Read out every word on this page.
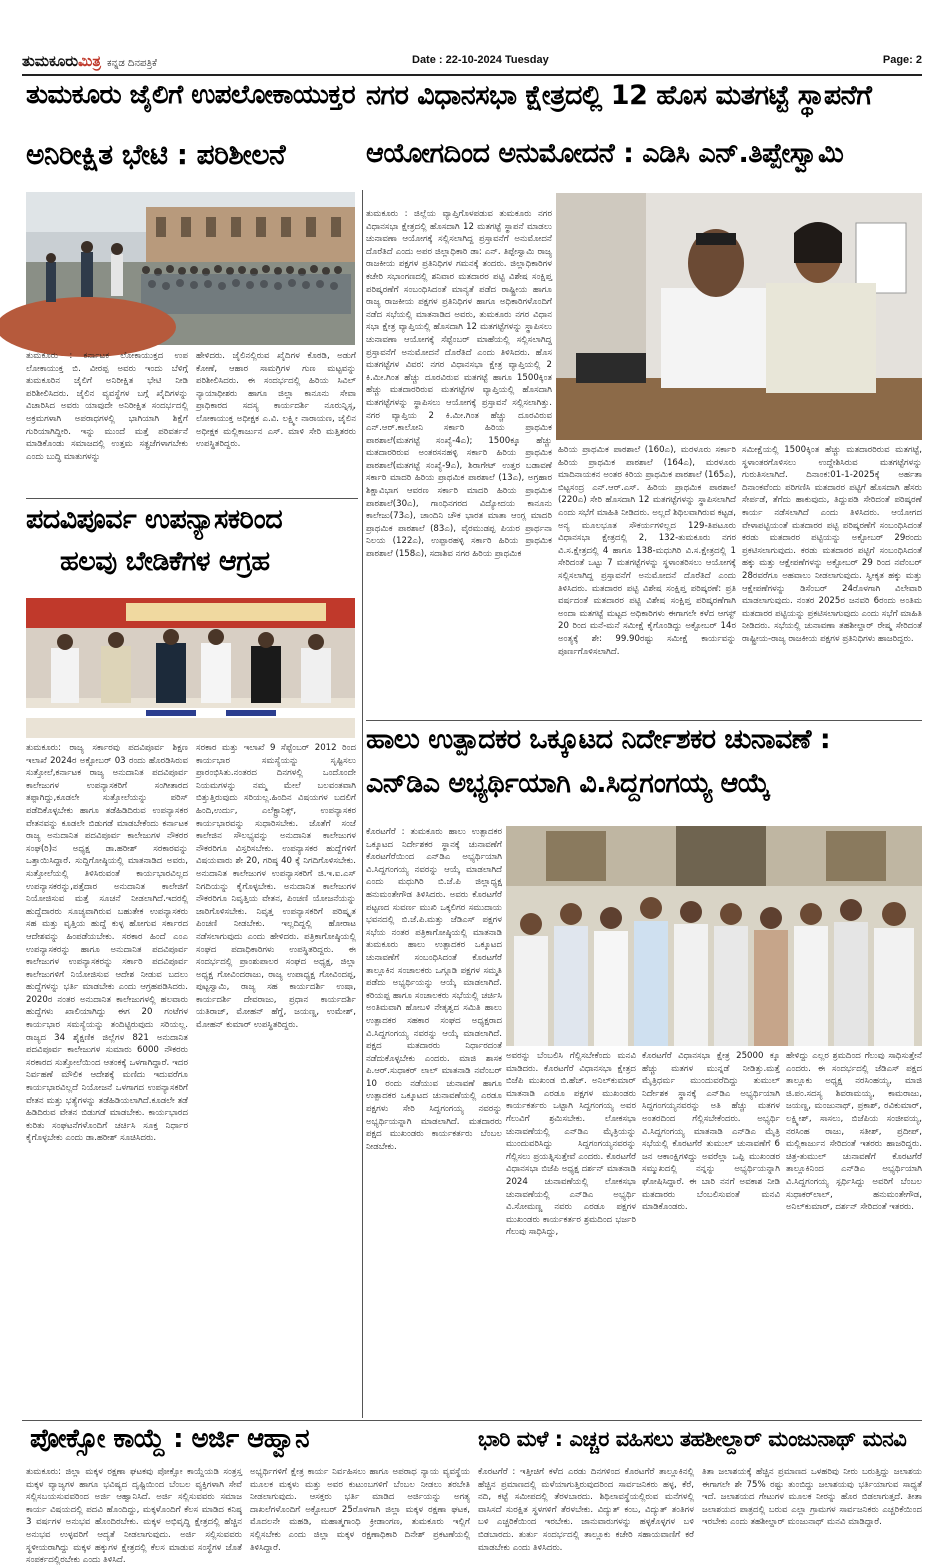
ತುಮಕೂರುಮಿತ್ರ ಕನ್ನಡ ದಿನಪತ್ರಿಕೆ	Date : 22-10-2024 Tuesday	Page: 2
ತುಮಕೂರು ಜೈಲಿಗೆ ಉಪಲೋಕಾಯುಕ್ತರ
ಅನಿರೀಕ್ಷಿತ ಭೇಟಿ : ಪರಿಶೀಲನೆ
ತುಮಕೂರು : ಕರ್ನಾಟಕ ಲೋಕಾಯುಕ್ತದ ಉಪ ಲೋಕಾಯುಕ್ತ ಬಿ. ವೀರಪ್ಪ ಅವರು ಇಂದು ಬೆಳಿಗ್ಗೆ ತುಮಕೂರಿನ ಜೈಲಿಗೆ ಅನಿರೀಕ್ಷಿತ ಭೇಟಿ ನೀಡಿ ಪರಿಶೀಲಿಸಿದರು. ಜೈಲಿನ ವ್ಯವಸ್ಥೆಗಳ ಬಗ್ಗೆ ಖೈದಿಗಳನ್ನು ವಿಚಾರಿಸಿದ ಅವರು ಯಾವುದೇ ಅನಿರೀಕ್ಷಿತ ಸಂದರ್ಭದಲ್ಲಿ ಅಕ್ರಮಗಳಾಗಿ ಅಪರಾಧಗಳಲ್ಲಿ ಭಾಗಿಯಾಗಿ ಶಿಕ್ಷೆಗೆ ಗುರಿಯಾಗಿದ್ದೀರಿ. ಇನ್ನು ಮುಂದೆ ಮತ್ತೆ ಪರಿವರ್ತನೆ ಮಾಡಿಕೊಂಡು ಸಮಾಜದಲ್ಲಿ ಉತ್ತಮ ಸತ್ಪ್ರಜೆಗಳಾಗಬೇಕು ಎಂದು ಬುದ್ಧಿ ಮಾತುಗಳನ್ನು
ಹೇಳಿದರು. ಜೈಲಿನಲ್ಲಿರುವ ಖೈದಿಗಳ ಕೊಠಡಿ, ಅಡುಗೆ ಕೋಣೆ, ಆಹಾರ ಸಾಮಗ್ರಿಗಳ ಗುಣ ಮಟ್ಟವನ್ನು ಪರಿಶೀಲಿಸಿದರು. ಈ ಸಂದರ್ಭದಲ್ಲಿ ಹಿರಿಯ ಸಿವಿಲ್ ನ್ಯಾಯಾಧೀಶರು ಹಾಗೂ ಜಿಲ್ಲಾ ಕಾನೂನು ಸೇವಾ ಪ್ರಾಧಿಕಾರದ ಸದಸ್ಯ ಕಾರ್ಯದರ್ಶಿ ನೂರುನ್ನಿಸ್ಸ, ಲೋಕಾಯುಕ್ತ ಅಧೀಕ್ಷಕ ಎ.ವಿ. ಲಕ್ಷ್ಮೀ ನಾರಾಯಣ, ಜೈಲಿನ ಅಧೀಕ್ಷಕ ಮಲ್ಲಿಕಾರ್ಜುನ ಎಸ್. ಮಾಳಿ ಸೇರಿ ಮತ್ತಿತರರು ಉಪಸ್ಥಿತರಿದ್ದರು.
ಪದವಿಪೂರ್ವ ಉಪನ್ಯಾಸಕರಿಂದ
ಹಲವು ಬೇಡಿಕೆಗಳ ಆಗ್ರಹ
ತುಮಕೂರು: ರಾಜ್ಯ ಸರ್ಕಾರವು ಪದವಿಪೂರ್ವ ಶಿಕ್ಷಣ ಇಲಾಖೆ 2024ರ ಅಕ್ಟೋಬರ್ 03 ರಂದು ಹೊರಡಿಸಿರುವ ಸುತ್ತೋಲೆ,ಕರ್ನಾಟಕ ರಾಜ್ಯ ಅನುದಾನಿತ ಪದವಿಪೂರ್ವ ಕಾಲೇಜುಗಳ ಉಪನ್ಯಾಸಕರಿಗೆ ಸಂಗೀತಾರದ ತಪ್ಪಾಗಿದ್ದು,ಕೂಡಲೇ ಸುತ್ತೋಲೆಯನ್ನು ಪರಿಸ್ ಪಡೆದಿಕೊಳ್ಳಬೇಕು ಹಾಗೂ ತಡೆಹಿಡಿದಿರುವ ಉಪನ್ಯಾಸಕರ ವೇತನವನ್ನು ಕೂಡಲೇ ಬಿಡುಗಡೆ ಮಾಡಬೇಕೆಂದು ಕರ್ನಾಟಕ ರಾಜ್ಯ ಅನುದಾನಿತ ಪದವಿಪೂರ್ವ ಕಾಲೇಜುಗಳ ನೌಕರರ ಸಂಘ(ರಿ)ನ ಅಧ್ಯಕ್ಷ ಡಾ.ಹರೀಶ್ ಸರಕಾರವನ್ನು ಒತ್ತಾಯಿಸಿದ್ದಾರೆ. ಸುದ್ದಿಗೋಷ್ಠಿಯಲ್ಲಿ ಮಾತನಾಡಿದ ಅವರು, ಸುತ್ತೋಲೆಯಲ್ಲಿ ತಿಳಿಸಿರುವಂತೆ ಕಾರ್ಯಭಾರವಿಲ್ಲದ ಉಪನ್ಯಾಸಕರನ್ನು,ಪತ್ತೆದಾರ ಅನುದಾನಿತ ಕಾಲೇಜಿಗೆ ನಿಯೋಜಿಸುವ ಮತ್ತೆ ಸೂಚನೆ ನೀಡಲಾಗಿದೆ.ಇದರಲ್ಲಿ ಹುದ್ದೆದಾರರು ಸೂಚ್ಯವಾಗಿರುವ ಬಹುತೇಕ ಉಪನ್ಯಾಸಕರು ಸಹ ಮತ್ತು ವೃತ್ತಿಯ ಹುದ್ದೆ ಕುಳ್ಳ ಹೋಗುವ ಸರ್ಕಾರದ ಆದೇಶವನ್ನು ಹಿಂಪಡೆಯಬೇಕು. ಸರಕಾರ ಹಿಂದೆ ಎಂಎ ಉಪನ್ಯಾಸಕರನ್ನು ಹಾಗೂ ಅನುದಾನಿತ ಪದವಿಪೂರ್ವ ಕಾಲೇಜುಗಳ ಉಪನ್ಯಾಸಕರನ್ನು ಸರ್ಕಾರಿ ಪದವಿಪೂರ್ವ ಕಾಲೇಜುಗಳಿಗೆ ನಿಯೋಜಿಸುವ ಆದೇಶ ನೀಡುವ ಬದಲು ಹುದ್ದೆಗಳನ್ನು ಭರ್ತಿ ಮಾಡಬೇಕು ಎಂದು ಆಗ್ರಹಪಡಿಸಿದರು. 2020ರ ನಂತರ ಅನುದಾನಿತ ಕಾಲೇಜುಗಳಲ್ಲಿ ಹಲವಾರು ಹುದ್ದೆಗಳು ಖಾಲಿಯಾಗಿದ್ದು ಈಗ 20 ಗಂಟೆಗಳ ಕಾರ್ಯಭಾರ ಸಮಸ್ಯೆಯನ್ನು ತಂದಿಟ್ಟಿರುವುದು ಸರಿಯಲ್ಲ. ರಾಜ್ಯದ 34 ಶೈಕ್ಷಣಿಕ ಜಿಲ್ಲೆಗಳ 821 ಅನುದಾನಿತ ಪದವಿಪೂರ್ವ ಕಾಲೇಜುಗಳ ಸುಮಾರು 6000 ನೌಕರರು ಸರಕಾರದ ಸುತ್ತೋಲೆಯಿಂದ ಆತಂಕಕ್ಕೆ ಒಳಗಾಗಿದ್ದಾರೆ. ಇದರ ನಿರ್ವಹಣೆ ಮೌಲಿಕ ಆದೇಶಕ್ಕೆ ಮಣಿದು ಇದುವರೆಗೂ ಕಾರ್ಯಭಾರವಿಲ್ಲದೆ ನಿಯೋಜನೆ ಒಳಗಾಗದ ಉಪನ್ಯಾಸಕರಿಗೆ ವೇತನ ಮತ್ತು ಭತ್ಯೆಗಳನ್ನು ತಡೆಹಿಡಿಯಲಾಗಿದೆ.ಕೂಡಲೇ ತಡೆ ಹಿಡಿದಿರುವ ವೇತನ ಬಿಡುಗಡೆ ಮಾಡಬೇಕು. ಕಾರ್ಯಭಾರದ ಕುರಿತು ಸಂಘಟನೆಗಳೊಂದಿಗೆ ಚರ್ಚಿಸಿ ಸೂಕ್ತ ನಿರ್ಧಾರ ಕೈಗೊಳ್ಳಬೇಕು ಎಂದು ಡಾ.ಹರೀಶ್ ಸೂಚಿಸಿದರು.
ಸರಕಾರ ಮತ್ತು ಇಲಾಖೆ 9 ಸೆಪ್ಟೆಂಬರ್ 2012 ರಿಂದ ಕಾರ್ಯಭಾರ ಸಮಸ್ಯೆಯನ್ನು ಸೃಷ್ಟಿಸಲು ಪ್ರಾರಂಭಿಸಿತು.ನಂತರದ ದಿನಗಳಲ್ಲಿ ಒಂದೊಂದೇ ನಿಯಮಗಳನ್ನು ನಮ್ಮ ಮೇಲೆ ಬಲವಂತವಾಗಿ ಬಿತ್ತುತ್ತಿರುವುದು ಸರಿಯಲ್ಲ.ಹಿಂದಿನ ವಿಷಯಗಳ ಬದಲಿಗೆ ಹಿಂದಿ,ಉರ್ದು, ಎಲೆಕ್ಟ್ರಾನಿಕ್ಸ್, ಉಪನ್ಯಾಸಕರ ಕಾರ್ಯಭಾರವನ್ನು ಸುಧಾರಿಸಬೇಕು. ಜೊತೆಗೆ ಸಂಜೆ ಕಾಲೇಜಿನ ಸೌಲಭ್ಯವನ್ನು ಅನುದಾನಿತ ಕಾಲೇಜುಗಳ ನೌಕರರಿಗೂ ವಿಸ್ತರಿಸಬೇಕು. ಉಪನ್ಯಾಸಕರ ಹುದ್ದೆಗಳಿಗೆ ವಿಷಯವಾರು ಶೇ 20, ಗರಿಷ್ಠ 40 ಕ್ಕೆ ನಿಗದಿಗೊಳಿಸಬೇಕು. ಅನುದಾನಿತ ಕಾಲೇಜುಗಳ ಉಪನ್ಯಾಸಕರಿಗೆ ಜಿ.ಇ.ಐ.ಎಸ್ ನಿಗದಿಯನ್ನು ಕೈಗೊಳ್ಳಬೇಕು. ಅನುದಾನಿತ ಕಾಲೇಜುಗಳ ನೌಕರರಿಗೂ ನಿವೃತ್ತಿಯ ವೇತನ, ಪಿಂಚಣಿ ಯೋಜನೆಯನ್ನು ಜಾರಿಗೊಳಿಸಬೇಕು. ನಿವೃತ್ತ ಉಪನ್ಯಾಸಕರಿಗೆ ಪರಿಷ್ಕೃತ ಪಿಂಚಣಿ ನೀಡಬೇಕು. ಇಲ್ಲದಿದ್ದಲ್ಲಿ ಹೋರಾಟ ನಡೆಸಲಾಗುವುದು ಎಂದು ಹೇಳಿದರು. ಪತ್ರಿಕಾಗೋಷ್ಠಿಯಲ್ಲಿ ಸಂಘದ ಪದಾಧಿಕಾರಿಗಳು ಉಪಸ್ಥಿತರಿದ್ದರು. ಈ ಸಂದರ್ಭದಲ್ಲಿ ಪ್ರಾಂಶುಪಾಲರ ಸಂಘದ ಅಧ್ಯಕ್ಷ, ಜಿಲ್ಲಾ ಅಧ್ಯಕ್ಷ ಗೋವಿಂದರಾಜು, ರಾಜ್ಯ ಉಪಾಧ್ಯಕ್ಷ ಗೋವಿಂದಪ್ಪ, ಪುಟ್ಟಸ್ವಾಮಿ, ರಾಜ್ಯ ಸಹ ಕಾರ್ಯದರ್ಶಿ ಉಷಾ, ಕಾರ್ಯದರ್ಶಿ ದೇವರಾಜು, ಪ್ರಧಾನ ಕಾರ್ಯದರ್ಶಿ ಯತಿರಾಜ್, ಮೋಹನ್ ಹೆಗ್ಡೆ, ಜಯಣ್ಣ, ಉಮೇಶ್, ಮೋಹನ್ ಕುಮಾರ್ ಉಪಸ್ಥಿತರಿದ್ದರು.
ನಗರ ವಿಧಾನಸಭಾ ಕ್ಷೇತ್ರದಲ್ಲಿ 12 ಹೊಸ ಮತಗಟ್ಟೆ ಸ್ಥಾಪನೆಗೆ
ಆಯೋಗದಿಂದ ಅನುಮೋದನೆ : ಎಡಿಸಿ ಎನ್.ತಿಪ್ಪೇಸ್ವಾಮಿ
ತುಮಕೂರು : ಜಿಲ್ಲೆಯ ವ್ಯಾಪ್ತಿಗೊಳಪಡುವ ತುಮಕೂರು ನಗರ ವಿಧಾನಸಭಾ ಕ್ಷೇತ್ರದಲ್ಲಿ ಹೊಸದಾಗಿ 12 ಮತಗಟ್ಟೆ ಸ್ಥಾಪನೆ ಮಾಡಲು ಚುನಾವಣಾ ಆಯೋಗಕ್ಕೆ ಸಲ್ಲಿಸಲಾಗಿದ್ದ ಪ್ರಸ್ತಾವನೆಗೆ ಅನುಮೋದನೆ ದೊರೆತಿದೆ ಎಂದು ಅಪರ ಜಿಲ್ಲಾಧಿಕಾರಿ ಡಾ: ಎನ್. ತಿಪ್ಪೇಸ್ವಾಮಿ ರಾಜ್ಯ ರಾಜಕೀಯ ಪಕ್ಷಗಳ ಪ್ರತಿನಿಧಿಗಳ ಗಮನಕ್ಕೆ ತಂದರು. ಜಿಲ್ಲಾಧಿಕಾರಿಗಳ ಕಚೇರಿ ಸಭಾಂಗಣದಲ್ಲಿ ಶನಿವಾರ ಮತದಾರರ ಪಟ್ಟಿ ವಿಶೇಷ ಸಂಕ್ಷಿಪ್ತ ಪರಿಷ್ಕರಣೆಗೆ ಸಂಬಂಧಿಸಿದಂತೆ ಮಾನ್ಯತೆ ಪಡೆದ ರಾಷ್ಟ್ರೀಯ ಹಾಗೂ ರಾಜ್ಯ ರಾಜಕೀಯ ಪಕ್ಷಗಳ ಪ್ರತಿನಿಧಿಗಳ ಹಾಗೂ ಅಧಿಕಾರಿಗಳೊಂದಿಗೆ ನಡೆದ ಸಭೆಯಲ್ಲಿ ಮಾತನಾಡಿದ ಅವರು, ತುಮಕೂರು ನಗರ ವಿಧಾನ ಸಭಾ ಕ್ಷೇತ್ರ ವ್ಯಾಪ್ತಿಯಲ್ಲಿ ಹೊಸದಾಗಿ 12 ಮತಗಟ್ಟೆಗಳನ್ನು ಸ್ಥಾಪಿಸಲು ಚುನಾವಣಾ ಆಯೋಗಕ್ಕೆ ಸೆಪ್ಟೆಂಬರ್ ಮಾಹೆಯಲ್ಲಿ ಸಲ್ಲಿಸಲಾಗಿದ್ದ ಪ್ರಸ್ತಾವನೆಗೆ ಅನುಮೋದನೆ ದೊರೆತಿದೆ ಎಂದು ತಿಳಿಸಿದರು. ಹೊಸ ಮತಗಟ್ಟೆಗಳ ವಿವರ: ನಗರ ವಿಧಾನಸಭಾ ಕ್ಷೇತ್ರ ವ್ಯಾಪ್ತಿಯಲ್ಲಿ 2 ಕಿ.ಮೀ.ಗಿಂತ ಹೆಚ್ಚು ದೂರವಿರುವ ಮತಗಟ್ಟೆ ಹಾಗೂ 1500ಕ್ಕಿಂತ ಹೆಚ್ಚು ಮತದಾರರಿರುವ ಮತಗಟ್ಟೆಗಳ ವ್ಯಾಪ್ತಿಯಲ್ಲಿ ಹೊಸದಾಗಿ ಮತಗಟ್ಟೆಗಳನ್ನು ಸ್ಥಾಪಿಸಲು ಆಯೋಗಕ್ಕೆ ಪ್ರಸ್ತಾವನೆ ಸಲ್ಲಿಸಲಾಗಿತ್ತು. ನಗರ ವ್ಯಾಪ್ತಿಯ 2 ಕಿ.ಮೀ.ಗಿಂತ ಹೆಚ್ಚು ದೂರವಿರುವ ಎನ್.ಆರ್.ಕಾಲೋನಿ ಸರ್ಕಾರಿ ಹಿರಿಯ ಪ್ರಾಥಮಿಕ ಪಾಠಶಾಲೆ(ಮತಗಟ್ಟೆ ಸಂಖ್ಯೆ-4ಎ); 1500ಕ್ಕೂ ಹೆಚ್ಚು ಮತದಾರರಿರುವ ಅಂತರಸನಹಳ್ಳಿ ಸರ್ಕಾರಿ ಹಿರಿಯ ಪ್ರಾಥಮಿಕ ಪಾಠಶಾಲೆ(ಮತಗಟ್ಟೆ ಸಂಖ್ಯೆ-9ಎ), ಶಿರಾಗೇಟ್ ಉತ್ತರ ಬಡಾವಣೆ ಸರ್ಕಾರಿ ಮಾದರಿ ಹಿರಿಯ ಪ್ರಾಥಮಿಕ ಪಾಠಶಾಲೆ (13ಎ), ಅಗ್ರಹಾರ ಶಿಕ್ಷಾವಿಭಾಗ ಆವರಣ ಸರ್ಕಾರಿ ಮಾದರಿ ಹಿರಿಯ ಪ್ರಾಥಮಿಕ ಪಾಠಶಾಲೆ(30ಎ), ಗಾಂಧಿನಗರದ ವಿದ್ಯೋದಯ ಕಾನೂನು ಕಾಲೇಜು(73ಎ), ಚಾಂದಿನಿ ಚೌಕ ಭಾರತ ಮಾತಾ ಆಂಗ್ಲ ಮಾದರಿ ಪ್ರಾಥಮಿಕ ಪಾಠಶಾಲೆ (83ಎ), ವೈರಮುಡಪ್ಪ ಪಿಯರ ಪ್ರಾರ್ಥನಾ ನಿಲಯ (122ಎ), ಉಪ್ಪಾರಹಳ್ಳಿ ಸರ್ಕಾರಿ ಹಿರಿಯ ಪ್ರಾಥಮಿಕ ಪಾಠಶಾಲೆ (158ಎ), ಸದಾಶಿವ ನಗರ ಹಿರಿಯ ಪ್ರಾಥಮಿಕ
ಹಿರಿಯ ಪ್ರಾಥಮಿಕ ಪಾಠಶಾಲೆ (160ಎ), ಮರಳೂರು ಸರ್ಕಾರಿ ಹಿರಿಯ ಪ್ರಾಥಮಿಕ ಪಾಠಶಾಲೆ (164ಎ), ಮರಳೂರು ಮಾದಿನಾಯಕನ ಅಂತರ ಕಿರಿಯ ಪ್ರಾಥಮಿಕ ಪಾಠಶಾಲೆ (165ಎ), ಬಿಟ್ಟಸಂದ್ರ ಎನ್.ಆರ್.ಎಸ್. ಹಿರಿಯ ಪ್ರಾಥಮಿಕ ಪಾಠಶಾಲೆ (220ಎ) ಸೇರಿ ಹೊಸದಾಗಿ 12 ಮತಗಟ್ಟೆಗಳನ್ನು ಸ್ಥಾಪಿಸಲಾಗಿದೆ ಎಂದು ಸಭೆಗೆ ಮಾಹಿತಿ ನೀಡಿದರು. ಅಲ್ಲದೆ ಶಿಥಿಲವಾಗಿರುವ ಕಟ್ಟಡ, ಅನ್ಯ ಮೂಲಭೂತ ಸೌಕರ್ಯಗಳಿಲ್ಲದ 129-ತಿಪಟೂರು ವಿಧಾನಸಭಾ ಕ್ಷೇತ್ರದಲ್ಲಿ 2, 132-ತುಮಕೂರು ನಗರ ವಿ.ಸ.ಕ್ಷೇತ್ರದಲ್ಲಿ 4 ಹಾಗೂ 138-ಮಧುಗಿರಿ ವಿ.ಸ.ಕ್ಷೇತ್ರದಲ್ಲಿ 1 ಸೇರಿದಂತೆ ಒಟ್ಟು 7 ಮತಗಟ್ಟೆಗಳನ್ನು ಸ್ಥಳಾಂತರಿಸಲು ಆಯೋಗಕ್ಕೆ ಸಲ್ಲಿಸಲಾಗಿದ್ದ ಪ್ರಸ್ತಾವನೆಗೆ ಅನುಮೋದನೆ ದೊರೆತಿದೆ ಎಂದು ತಿಳಿಸಿದರು. ಮತದಾರರ ಪಟ್ಟಿ ವಿಶೇಷ ಸಂಕ್ಷಿಪ್ತ ಪರಿಷ್ಕರಣೆ: ಪ್ರತಿ ವರ್ಷದಂತೆ ಮತದಾರರ ಪಟ್ಟಿ ವಿಶೇಷ ಸಂಕ್ಷಿಪ್ತ ಪರಿಷ್ಕರಣೆಗಾಗಿ ಅಂದಾ ಮತಗಟ್ಟೆ ಮಟ್ಟದ ಅಧಿಕಾರಿಗಳು ಈಗಾಗಲೇ ಕಳೆದ ಆಗಸ್ಟ್ 20 ರಿಂದ ಮನೆ-ಮನೆ ಸಮೀಕ್ಷೆ ಕೈಗೊಂಡಿದ್ದು ಅಕ್ಟೋಬರ್ 14ರ ಅಂತ್ಯಕ್ಕೆ ಶೇ: 99.90ರಷ್ಟು ಸಮೀಕ್ಷೆ ಕಾರ್ಯವನ್ನು ಪೂರ್ಣಗೊಳಿಸಲಾಗಿದೆ.
ಸಮೀಕ್ಷೆಯಲ್ಲಿ 1500ಕ್ಕಿಂತ ಹೆಚ್ಚು ಮತದಾರರಿರುವ ಮತಗಟ್ಟೆ, ಸ್ಥಳಾಂತರಗೊಳಿಸಲು ಉದ್ದೇಶಿಸಿರುವ ಮತಗಟ್ಟೆಗಳನ್ನು ಗುರುತಿಸಲಾಗಿದೆ. ದಿನಾಂಕ:01-1-2025ಕ್ಕೆ ಅರ್ಹತಾ ದಿನಾಂಕವೆಂದು ಪರಿಗಣಿಸಿ ಮತದಾರರ ಪಟ್ಟಿಗೆ ಹೊಸದಾಗಿ ಹೆಸರು ಸೇರ್ಪಡೆ, ತೆಗೆದು ಹಾಕುವುದು, ತಿದ್ದುಪಡಿ ಸೇರಿದಂತೆ ಪರಿಷ್ಕರಣೆ ಕಾರ್ಯ ನಡೆಸಲಾಗಿದೆ ಎಂದು ತಿಳಿಸಿದರು. ಆಯೋಗದ ವೇಳಾಪಟ್ಟಿಯಂತೆ ಮತದಾರರ ಪಟ್ಟಿ ಪರಿಷ್ಕರಣೆಗೆ ಸಂಬಂಧಿಸಿದಂತೆ ಕರಡು ಮತದಾರರ ಪಟ್ಟಿಯನ್ನು ಅಕ್ಟೋಬರ್ 29ರಂದು ಪ್ರಕಟಿಸಲಾಗುವುದು. ಕರಡು ಮತದಾರರ ಪಟ್ಟಿಗೆ ಸಂಬಂಧಿಸಿದಂತೆ ಹಕ್ಕು ಮತ್ತು ಆಕ್ಷೇಪಣೆಗಳನ್ನು ಅಕ್ಟೋಬರ್ 29 ರಿಂದ ನವೆಂಬರ್ 28ರವರೆಗೂ ಅಹವಾಲು ನೀಡಲಾಗುವುದು. ಸ್ವೀಕೃತ ಹಕ್ಕು ಮತ್ತು ಆಕ್ಷೇಪಣೆಗಳನ್ನು ಡಿಸೆಂಬರ್ 24ರೊಳಗಾಗಿ ವಿಲೇವಾರಿ ಮಾಡಲಾಗುವುದು. ನಂತರ 2025ರ ಜನವರಿ 6ರಂದು ಅಂತಿಮ ಮತದಾರರ ಪಟ್ಟಿಯನ್ನು ಪ್ರಕಟಿಸಲಾಗುವುದು ಎಂದು ಸಭೆಗೆ ಮಾಹಿತಿ ನೀಡಿದರು. ಸಭೆಯಲ್ಲಿ ಚುನಾವಣಾ ತಹಶೀಲ್ದಾರ್ ರೇಷ್ಮ ಸೇರಿದಂತೆ ರಾಷ್ಟ್ರೀಯ-ರಾಜ್ಯ ರಾಜಕೀಯ ಪಕ್ಷಗಳ ಪ್ರತಿನಿಧಿಗಳು ಹಾಜರಿದ್ದರು.
ಹಾಲು ಉತ್ಪಾದಕರ ಒಕ್ಕೂಟದ ನಿರ್ದೇಶಕರ ಚುನಾವಣೆ :
ಎನ್‌ಡಿಎ ಅಭ್ಯರ್ಥಿಯಾಗಿ ವಿ.ಸಿದ್ದಗಂಗಯ್ಯ ಆಯ್ಕೆ
ಕೊರಟಗೆರೆ : ತುಮಕೂರು ಹಾಲು ಉತ್ಪಾದಕರ ಒಕ್ಕೂಟದ ನಿರ್ದೇಶಕರ ಸ್ಥಾನಕ್ಕೆ ಚುನಾವಣೆಗೆ ಕೊರಟಗೆರೆಯಿಂದ ಎನ್‌ಡಿಎ ಅಭ್ಯರ್ಥಿಯಾಗಿ ವಿ.ಸಿದ್ದಗಂಗಯ್ಯ ನವರನ್ನು ಆಯ್ಕೆ ಮಾಡಲಾಗಿದೆ ಎಂದು ಮಧುಗಿರಿ ಬಿ.ಜೆ.ಪಿ ಜಿಲ್ಲಾಧ್ಯಕ್ಷ ಹನುಮಂತೇಗೌಡ ತಿಳಿಸಿದರು. ಅವರು ಕೊರಟಗೆರೆ ಪಟ್ಟಣದ ಸುವರ್ಣ ಮುಖಿ ಒಕ್ಕಲಿಗರ ಸಮುದಾಯ ಭವನದಲ್ಲಿ ಬಿ.ಜೆ.ಪಿ.ಮತ್ತು ಜೆಡಿಎಸ್ ಪಕ್ಷಗಳ ಸಭೆಯ ನಂತರ ಪತ್ರಿಕಾಗೋಷ್ಠಿಯಲ್ಲಿ ಮಾತನಾಡಿ ತುಮಕೂರು ಹಾಲು ಉತ್ಪಾದಕರ ಒಕ್ಕೂಟದ ಚುನಾವಣೆಗೆ ಸಂಬಂಧಿಸಿದಂತೆ ಕೊರಟಗೆರೆ ತಾಲ್ಲೂಕಿನ ಸಂಚಾಲಕರು ಒಗ್ಗೂಡಿ ಪಕ್ಷಗಳ ಸಮ್ಮತಿ ಪಡೆದು ಅಭ್ಯರ್ಥಿಯನ್ನು ಆಯ್ಕೆ ಮಾಡಲಾಗಿದೆ. ಕರಿಯಪ್ಪ ಹಾಗೂ ಸಂಚಾಲಕರು ಸಭೆಯಲ್ಲಿ ಚರ್ಚಿಸಿ ಅಂತಿಮವಾಗಿ ಹೋಬಳಿ ನೇತೃತ್ವದ ಸಮಿತಿ ಹಾಲು ಉತ್ಪಾದಕರ ಸಹಕಾರ ಸಂಘದ ಅಧ್ಯಕ್ಷರಾದ ವಿ.ಸಿದ್ದಗಂಗಯ್ಯ ನವರನ್ನು ಆಯ್ಕೆ ಮಾಡಲಾಗಿದೆ. ಪಕ್ಷದ ಮತದಾರರು ನಿರ್ಧಾರದಂತೆ ನಡೆದುಕೊಳ್ಳಬೇಕು ಎಂದರು. ಮಾಜಿ ಶಾಸಕ ಪಿ.ಆರ್.ಸುಧಾಕರ್ ಲಾಲ್ ಮಾತನಾಡಿ ನವೆಂಬರ್ 10 ರಂದು ನಡೆಯುವ ಚುನಾವಣೆ ಹಾಗೂ ಉತ್ಪಾದಕರ ಒಕ್ಕೂಟದ ಚುನಾವಣೆಯಲ್ಲಿ ಎರಡೂ ಪಕ್ಷಗಳು ಸೇರಿ ಸಿದ್ದಗಂಗಯ್ಯ ನವರನ್ನು ಅಭ್ಯರ್ಥಿಯನ್ನಾಗಿ ಮಾಡಲಾಗಿದೆ. ಮತದಾರರು ಪಕ್ಷದ ಮುಖಂಡರು ಕಾರ್ಯಕರ್ತರು ಬೆಂಬಲ ನೀಡಬೇಕು.
ಅವರನ್ನು ಬೆಂಬಲಿಸಿ ಗೆಲ್ಲಿಸಬೇಕೆಂದು ಮನವಿ ಮಾಡಿದರು. ಕೊರಟಗೆರೆ ವಿಧಾನಸಭಾ ಕ್ಷೇತ್ರದ ಬಿಜೆಪಿ ಮುಖಂಡ ಬಿ.ಹೆಚ್. ಅನಿಲ್‌ಕುಮಾರ್ ಮಾತನಾಡಿ ಎರಡೂ ಪಕ್ಷಗಳ ಮುಖಂಡರು ಕಾರ್ಯಕರ್ತರು ಒಟ್ಟಾಗಿ ಸಿದ್ದಗಂಗಯ್ಯ ಅವರ ಗೆಲುವಿಗೆ ಶ್ರಮಿಸಬೇಕು. ಲೋಕಸಭಾ ಚುನಾವಣೆಯಲ್ಲಿ ಎನ್‌ಡಿಎ ಮೈತ್ರಿಯನ್ನು ಮುಂದುವರಿಸಿದ್ದು ಸಿದ್ದಗಂಗಯ್ಯನವರನ್ನು ಗೆಲ್ಲಿಸಲು ಪ್ರಯತ್ನಿಸುತ್ತೇವೆ ಎಂದರು. ಕೊರಟಗೆರೆ ವಿಧಾನಸಭಾ ಬಿಜೆಪಿ ಅಧ್ಯಕ್ಷ ದರ್ಶನ್ ಮಾತನಾಡಿ 2024 ಚುನಾವಣೆಯಲ್ಲಿ ಲೋಕಸಭಾ ಚುನಾವಣೆಯಲ್ಲಿ ಎನ್‌ಡಿಎ ಅಭ್ಯರ್ಥಿ ವಿ.ಸೋಮಣ್ಣ ನವರು ಎರಡೂ ಪಕ್ಷಗಳ ಮುಖಂಡರು ಕಾರ್ಯಕರ್ತರ ಶ್ರಮದಿಂದ ಭರ್ಜರಿ ಗೆಲುವು ಸಾಧಿಸಿದ್ದು,
ಕೊರಟಗೆರೆ ವಿಧಾನಸಭಾ ಕ್ಷೇತ್ರ 25000 ಕ್ಕೂ ಹೆಚ್ಚು ಮತಗಳ ಮುನ್ನಡೆ ನೀಡಿತ್ತು.ಮತ್ತೆ ಮೈತ್ರಿಧರ್ಮ ಮುಂದುವರೆದಿದ್ದು ತುಮುಲ್ ನಿರ್ದೇಶಕ ಸ್ಥಾನಕ್ಕೆ ಎನ್‌ಡಿಎ ಅಭ್ಯರ್ಥಿಯಾಗಿ ಸಿದ್ದಗಂಗಯ್ಯನವರನ್ನು ಅತಿ ಹೆಚ್ಚು ಮತಗಳ ಅಂತರದಿಂದ ಗೆಲ್ಲಿಸಬೇಕೆಂದರು. ಅಭ್ಯರ್ಥಿ ವಿ.ಸಿದ್ದಗಂಗಯ್ಯ ಮಾತನಾಡಿ ಎನ್‌ಡಿಎ ಮೈತ್ರಿ ಸಭೆಯಲ್ಲಿ ಕೊರಟಗೆರೆ ತುಮುಲ್ ಚುನಾವಣೆಗೆ 6 ಜನ ಆಕಾಂಕ್ಷಿಗಳಿದ್ದು ಅವರೆಲ್ಲಾ ಒಪ್ಪಿ ಮುಖಂಡರ ಸಮ್ಮುಖದಲ್ಲಿ ನನ್ನನ್ನು ಅಭ್ಯರ್ಥಿಯನ್ನಾಗಿ ಘೋಷಿಸಿದ್ದಾರೆ. ಈ ಬಾರಿ ನನಗೆ ಅವಕಾಶ ನೀಡಿ ಮತದಾರರು ಬೆಂಬಲಿಸುವಂತೆ ಮನವಿ ಮಾಡಿಕೊಂಡರು.
ಹೇಳಿದ್ದು ಎಲ್ಲರ ಶ್ರಮದಿಂದ ಗೆಲುವು ಸಾಧಿಸುತ್ತೇನೆ ಎಂದರು. ಈ ಸಂದರ್ಭದಲ್ಲಿ ಜೆಡಿಎಸ್ ಪಕ್ಷದ ತಾಲ್ಲೂಕು ಅಧ್ಯಕ್ಷ ನರಸಿಂಹಯ್ಯ, ಮಾಜಿ ಜಿ.ಪಂ.ಸದಸ್ಯ ಶಿವರಾಮಯ್ಯ, ಕಾಮರಾಜು, ಜಯಣ್ಣ, ಮಂಜುನಾಥ್, ಪ್ರಕಾಶ್, ರವಿಕುಮಾರ್, ಲಕ್ಷ್ಮೀಶ್, ಸಾಸಲು, ಬಿಜೆಪಿಯ ಸಂಜೀವಯ್ಯ, ನರಸಿಂಹ ರಾಜು, ಸತೀಶ್, ಪ್ರದೀಪ್, ಮಲ್ಲಿಕಾರ್ಜುನ ಸೇರಿದಂತೆ ಇತರರು ಹಾಜರಿದ್ದರು. ಚಿತ್ರ-ತುಮುಲ್ ಚುನಾವಣೆಗೆ ಕೊರಟಗೆರೆ ತಾಲ್ಲೂಕಿನಿಂದ ಎನ್‌ಡಿಎ ಅಭ್ಯರ್ಥಿಯಾಗಿ ವಿ.ಸಿದ್ದಗಂಗಯ್ಯ ಸ್ಪರ್ಧಿಸಿದ್ದು ಅವರಿಗೆ ಬೆಂಬಲ ಸುಧಾಕರ್‌ಲಾಲ್, ಹನುಮಂತೇಗೌಡ, ಅನಿಲ್‌ಕುಮಾರ್, ದರ್ಶನ್ ಸೇರಿದಂತೆ ಇತರರು.
ಪೋಕ್ಸೋ ಕಾಯ್ದೆ : ಅರ್ಜಿ ಆಹ್ವಾನ
ತುಮಕೂರು: ಜಿಲ್ಲಾ ಮಕ್ಕಳ ರಕ್ಷಣಾ ಘಟಕವು ಪೋಕ್ಸೋ ಕಾಯ್ದೆಯಡಿ ಸಂತ್ರಸ್ತ ಮಕ್ಕಳ ವ್ಯಾಜ್ಯಗಳ ಹಾಗೂ ಭವಿಷ್ಯದ ದೃಷ್ಟಿಯಿಂದ ಬೆಂಬಲ ವ್ಯಕ್ತಿಗಳಾಗಿ ಸೇವೆ ಸಲ್ಲಿಸಬಯಸುವವರಿಂದ ಅರ್ಜಿ ಆಹ್ವಾನಿಸಿದೆ. ಅರ್ಜಿ ಸಲ್ಲಿಸುವವರು ಸಮಾಜ ಕಾರ್ಯ ವಿಷಯದಲ್ಲಿ ಪದವಿ ಹೊಂದಿದ್ದು, ಮಕ್ಕಳೊಂದಿಗೆ ಕೆಲಸ ಮಾಡಿದ ಕನಿಷ್ಠ 3 ವರ್ಷಗಳ ಅನುಭವ ಹೊಂದಿರಬೇಕು. ಮಕ್ಕಳ ಅಭಿವೃದ್ಧಿ ಕ್ಷೇತ್ರದಲ್ಲಿ ಹೆಚ್ಚಿನ ಅನುಭವ ಉಳ್ಳವರಿಗೆ ಆದ್ಯತೆ ನೀಡಲಾಗುವುದು. ಅರ್ಜಿ ಸಲ್ಲಿಸುವವರು ಸ್ಥಳೀಯರಾಗಿದ್ದು ಮಕ್ಕಳ ಹಕ್ಕುಗಳ ಕ್ಷೇತ್ರದಲ್ಲಿ ಕೆಲಸ ಮಾಡುವ ಸಂಸ್ಥೆಗಳ ಜೊತೆ ಸಂಪರ್ಕದಲ್ಲಿರಬೇಕು ಎಂದು ತಿಳಿಸಿದೆ.
ಅಭ್ಯರ್ಥಿಗಳಿಗೆ ಕ್ಷೇತ್ರ ಕಾರ್ಯ ನಿರ್ವಹಿಸಲು ಹಾಗೂ ಅಪರಾಧ ನ್ಯಾಯ ವ್ಯವಸ್ಥೆಯ ಮೂಲಕ ಮಕ್ಕಳು ಮತ್ತು ಅವರ ಕುಟುಂಬಗಳಿಗೆ ಬೆಂಬಲ ನೀಡಲು ತರಬೇತಿ ನೀಡಲಾಗುವುದು. ಆಸಕ್ತರು ಭರ್ತಿ ಮಾಡಿದ ಅರ್ಜಿಯನ್ನು ಅಗತ್ಯ ದಾಖಲೆಗಳೊಂದಿಗೆ ಅಕ್ಟೋಬರ್ 25ರೊಳಗಾಗಿ ಜಿಲ್ಲಾ ಮಕ್ಕಳ ರಕ್ಷಣಾ ಘಟಕ, ಮೊದಲನೇ ಮಹಡಿ, ಮಹಾತ್ಮಗಾಂಧಿ ಕ್ರೀಡಾಂಗಣ, ತುಮಕೂರು ಇಲ್ಲಿಗೆ ಸಲ್ಲಿಸಬೇಕು ಎಂದು ಜಿಲ್ಲಾ ಮಕ್ಕಳ ರಕ್ಷಣಾಧಿಕಾರಿ ದಿನೇಶ್ ಪ್ರಕಟಣೆಯಲ್ಲಿ ತಿಳಿಸಿದ್ದಾರೆ.
ಭಾರಿ ಮಳೆ : ಎಚ್ಚರ ವಹಿಸಲು ತಹಶೀಲ್ದಾರ್ ಮಂಜುನಾಥ್ ಮನವಿ
ಕೊರಟಗೆರೆ : ಇತ್ತೀಚಿಗೆ ಕಳೆದ ಎರಡು ದಿನಗಳಿಂದ ಕೊರಟಗೆರೆ ತಾಲ್ಲೂಕಿನಲ್ಲಿ ಹೆಚ್ಚಿನ ಪ್ರಮಾಣದಲ್ಲಿ ಮಳೆಯಾಗುತ್ತಿರುವುದರಿಂದ ಸಾರ್ವಜನಿಕರು ಹಳ್ಳ, ಕೆರೆ, ನದಿ, ಕಟ್ಟೆ ಸಮೀಪದಲ್ಲಿ ತೆರಳಬಾರದು. ಶಿಥಿಲಾವಸ್ಥೆಯಲ್ಲಿರುವ ಮನೆಗಳಲ್ಲಿ ವಾಸಿಸದೆ ಸುರಕ್ಷಿತ ಸ್ಥಳಗಳಿಗೆ ತೆರಳಬೇಕು. ವಿದ್ಯುತ್ ಕಂಬ, ವಿದ್ಯುತ್ ತಂತಿಗಳ ಬಳಿ ಎಚ್ಚರಿಕೆಯಿಂದ ಇರಬೇಕು. ಜಾನುವಾರುಗಳನ್ನು ಹಳ್ಳಕೊಳ್ಳಗಳ ಬಳಿ ಬಿಡಬಾರದು. ತುರ್ತು ಸಂದರ್ಭದಲ್ಲಿ ತಾಲ್ಲೂಕು ಕಚೇರಿ ಸಹಾಯವಾಣಿಗೆ ಕರೆ ಮಾಡಬೇಕು ಎಂದು ತಿಳಿಸಿದರು.
ತಿತಾ ಜಲಾಶಯಕ್ಕೆ ಹೆಚ್ಚಿನ ಪ್ರಮಾಣದ ಒಳಹರಿವು ನೀರು ಬರುತ್ತಿದ್ದು ಜಲಾಶಯ ಈಗಾಗಲೇ ಶೇ 75% ರಷ್ಟು ತುಂಬಿದ್ದು ಜಲಾಶಯವು ಭರ್ತಿಯಾಗುವ ಸಾಧ್ಯತೆ ಇದೆ. ಜಲಾಶಯದ ಗೇಟುಗಳ ಮೂಲಕ ನೀರನ್ನು ಹೊರ ಬಿಡಲಾಗುತ್ತದೆ. ತೀತಾ ಜಲಾಶಯದ ಪಾತ್ರದಲ್ಲಿ ಬರುವ ಎಲ್ಲಾ ಗ್ರಾಮಗಳ ಸಾರ್ವಜನಿಕರು ಎಚ್ಚರಿಕೆಯಿಂದ ಇರಬೇಕು ಎಂದು ತಹಶೀಲ್ದಾರ್ ಮಂಜುನಾಥ್ ಮನವಿ ಮಾಡಿದ್ದಾರೆ.
